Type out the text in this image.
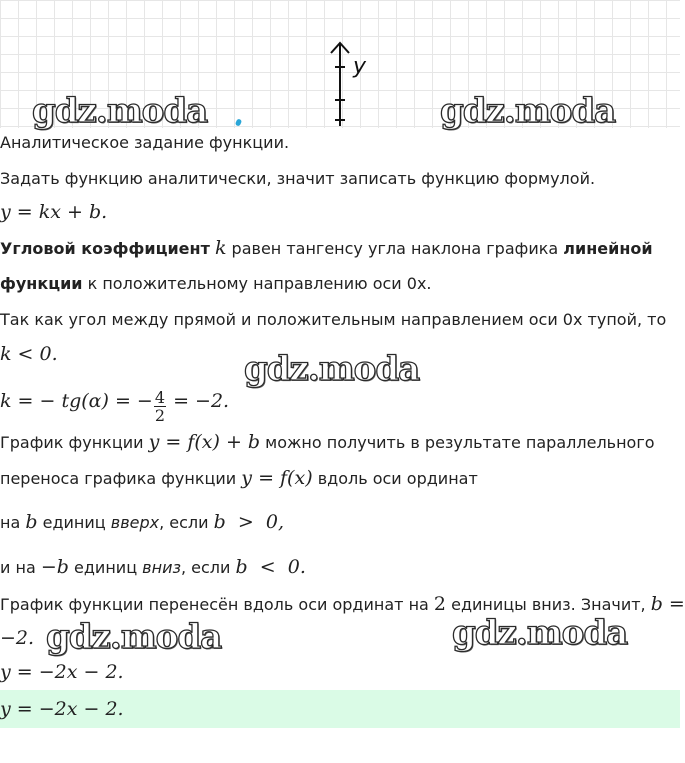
y
gdz.moda	gdz.moda
Аналитическое задание функции.
Задать функцию аналитически, значит записать функцию формулой.
y = kx + b.
Угловой коэффициент k равен тангенсу угла наклона графика линейной
функции к положительному направлению оси 0х.
Так как угол между прямой и положительным направлением оси 0х тупой, то
k < 0.	gdz.moda
k = − tg(α) = − $\frac{4}{2} = -2$.
График функции y = f(x) + b можно получить в результате параллельного
переноса графика функции y = f(x) вдоль оси ординат
на b единиц вверх, если b  >  0,
и на −b единиц вниз, если b  <  0.
График функции перенесён вдоль оси ординат на 2 единицы вниз. Значит, b =
−2. gdz.moda	gdz.moda
y = −2x − 2.
y = −2x − 2.
